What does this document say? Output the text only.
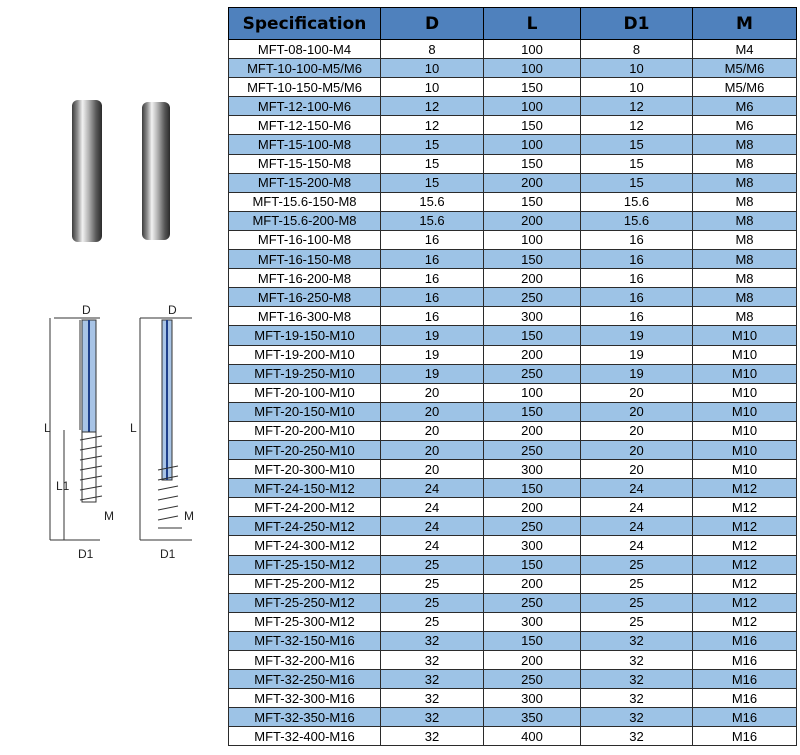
D
L
L1
M
D1
D
L
M
D1
Specification	D	L	D1	M
MFT-08-100-M4	8	100	8	M4
MFT-10-100-M5/M6	10	100	10	M5/M6
MFT-10-150-M5/M6	10	150	10	M5/M6
MFT-12-100-M6	12	100	12	M6
MFT-12-150-M6	12	150	12	M6
MFT-15-100-M8	15	100	15	M8
MFT-15-150-M8	15	150	15	M8
MFT-15-200-M8	15	200	15	M8
MFT-15.6-150-M8	15.6	150	15.6	M8
MFT-15.6-200-M8	15.6	200	15.6	M8
MFT-16-100-M8	16	100	16	M8
MFT-16-150-M8	16	150	16	M8
MFT-16-200-M8	16	200	16	M8
MFT-16-250-M8	16	250	16	M8
MFT-16-300-M8	16	300	16	M8
MFT-19-150-M10	19	150	19	M10
MFT-19-200-M10	19	200	19	M10
MFT-19-250-M10	19	250	19	M10
MFT-20-100-M10	20	100	20	M10
MFT-20-150-M10	20	150	20	M10
MFT-20-200-M10	20	200	20	M10
MFT-20-250-M10	20	250	20	M10
MFT-20-300-M10	20	300	20	M10
MFT-24-150-M12	24	150	24	M12
MFT-24-200-M12	24	200	24	M12
MFT-24-250-M12	24	250	24	M12
MFT-24-300-M12	24	300	24	M12
MFT-25-150-M12	25	150	25	M12
MFT-25-200-M12	25	200	25	M12
MFT-25-250-M12	25	250	25	M12
MFT-25-300-M12	25	300	25	M12
MFT-32-150-M16	32	150	32	M16
MFT-32-200-M16	32	200	32	M16
MFT-32-250-M16	32	250	32	M16
MFT-32-300-M16	32	300	32	M16
MFT-32-350-M16	32	350	32	M16
MFT-32-400-M16	32	400	32	M16
